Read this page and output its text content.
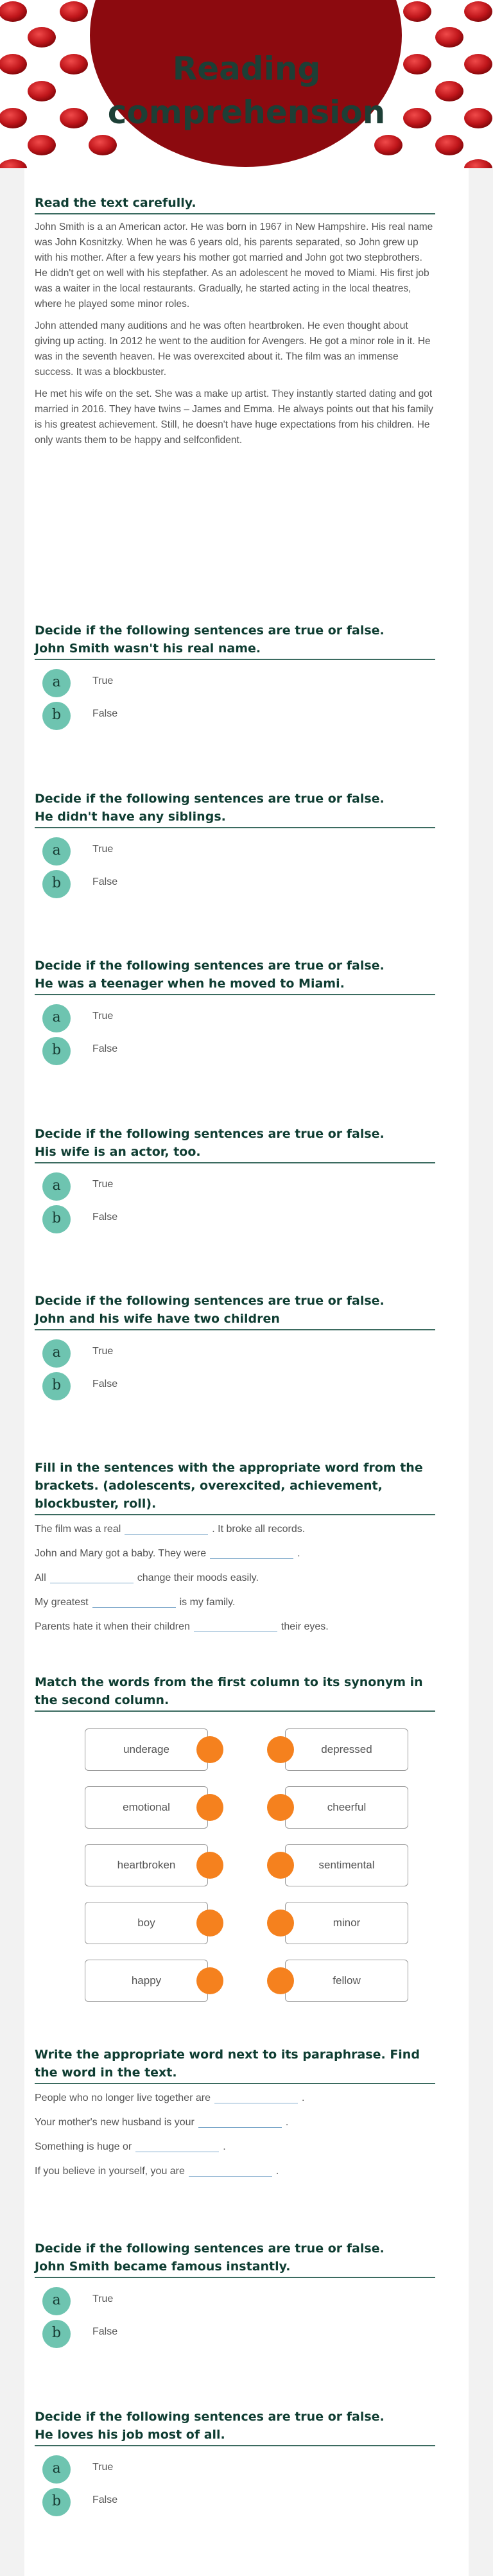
Reading
comprehension
Read the text carefully.

John Smith is a an American actor. He was born in 1967 in New Hampshire. His real name was John Kosnitzky. When he was 6 years old, his parents separated, so John grew up with his mother. After a few years his mother got married and John got two stepbrothers. He didn't get on well with his stepfather. As an adolescent he moved to Miami. His first job was a waiter in the local restaurants. Gradually, he started acting in the local theatres, where he played some minor roles.

John attended many auditions and he was often heartbroken. He even thought about giving up acting. In 2012 he went to the audition for Avengers. He got a minor role in it. He was in the seventh heaven. He was overexcited about it. The film was an immense success. It was a blockbuster.

He met his wife on the set. She was a make up artist. They instantly started dating and got married in 2016. They have twins – James and Emma. He always points out that his family is his greatest achievement. Still, he doesn't have huge expectations from his children. He only wants them to be happy and selfconfident.

Decide if the following sentences are true or false.
John Smith wasn't his real name.
a	True
b	False
Decide if the following sentences are true or false.
He didn't have any siblings.
a	True
b	False
Decide if the following sentences are true or false.
He was a teenager when he moved to Miami.
a	True
b	False
Decide if the following sentences are true or false.
His wife is an actor, too.
a	True
b	False
Decide if the following sentences are true or false.
John and his wife have two children
a	True
b	False
Fill in the sentences with the appropriate word from the brackets. (adolescents, overexcited, achievement, blockbuster, roll).
The film was a real	. It broke all records.
John and Mary got a baby. They were	.
All	change their moods easily.
My greatest	is my family.
Parents hate it when their children	their eyes.
Match the words from the first column to its synonym in the second column.
underage	depressed
emotional	cheerful
heartbroken	sentimental
boy	minor
happy	fellow
Write the appropriate word next to its paraphrase. Find the word in the text.
People who no longer live together are	.
Your mother's new husband is your	.
Something is huge or	.
If you believe in yourself, you are	.
Decide if the following sentences are true or false.
John Smith became famous instantly.
a	True
b	False
Decide if the following sentences are true or false.
He loves his job most of all.
a	True
b	False
